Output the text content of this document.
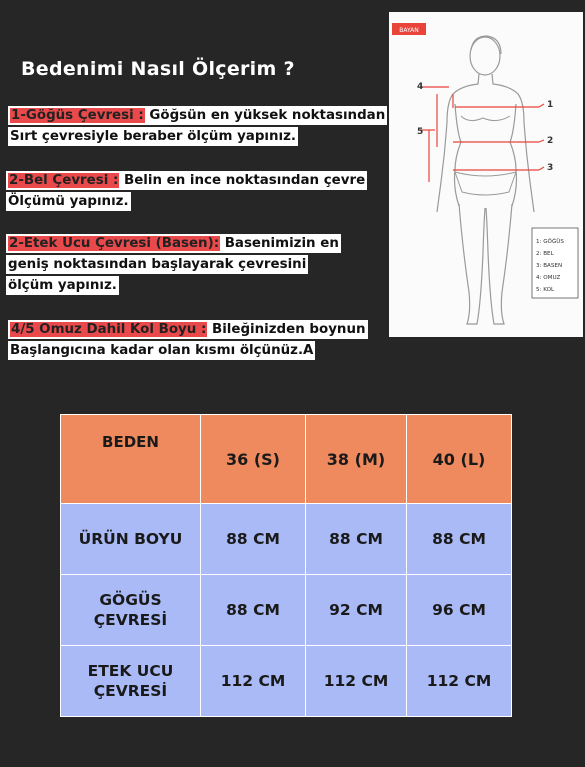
Bedenimi Nasıl Ölçerim ?
1-Göğüs Çevresi : Göğsün en yüksek noktasından
Sırt çevresiyle beraber ölçüm yapınız.
2-Bel Çevresi : Belin en ince noktasından çevre
Ölçümü yapınız.
2-Etek Ucu Çevresi (Basen): Basenimizin en
geniş noktasından başlayarak çevresini
ölçüm yapınız.
4/5 Omuz Dahil Kol Boyu : Bileğinizden boynun
Başlangıcına kadar olan kısmı ölçünüz.A
BAYAN
1
2
3
4
5
1: GÖĞÜS
2: BEL
3: BASEN
4: OMUZ
5: KOL
BEDEN	36 (S)	38 (M)	40 (L)
ÜRÜN BOYU	88 CM	88 CM	88 CM
GÖGÜS
ÇEVRESİ	88 CM	92 CM	96 CM
ETEK UCU
ÇEVRESİ	112 CM	112 CM	112 CM
